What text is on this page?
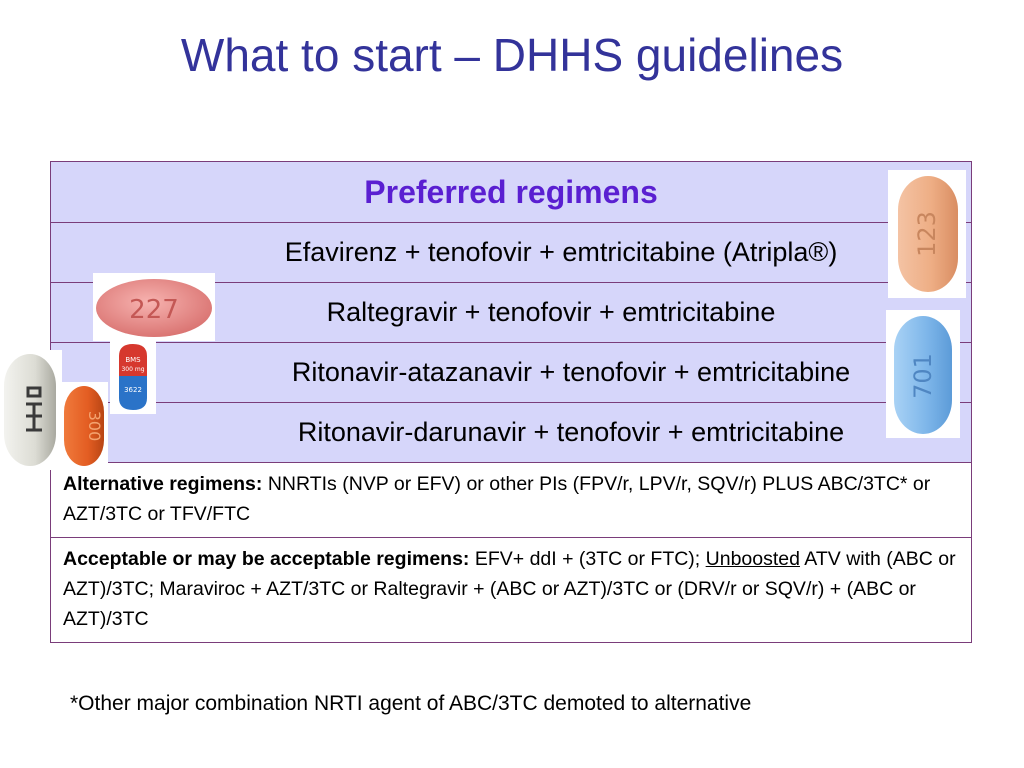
What to start – DHHS guidelines
Preferred regimens
Efavirenz + tenofovir + emtricitabine (Atripla®)
Raltegravir + tenofovir + emtricitabine
Ritonavir-atazanavir + tenofovir + emtricitabine
Ritonavir-darunavir + tenofovir + emtricitabine
Alternative regimens: NNRTIs (NVP or EFV) or other PIs (FPV/r, LPV/r, SQV/r) PLUS ABC/3TC* or AZT/3TC or TFV/FTC
Acceptable or may be acceptable regimens: EFV+ ddI + (3TC or FTC); Unboosted ATV with (ABC or AZT)/3TC; Maraviroc + AZT/3TC or Raltegravir + (ABC or AZT)/3TC or (DRV/r or SQV/r) + (ABC or AZT)/3TC
*Other major combination NRTI agent of ABC/3TC demoted to alternative
227
123
701
BMS
300 mg
3622
300
